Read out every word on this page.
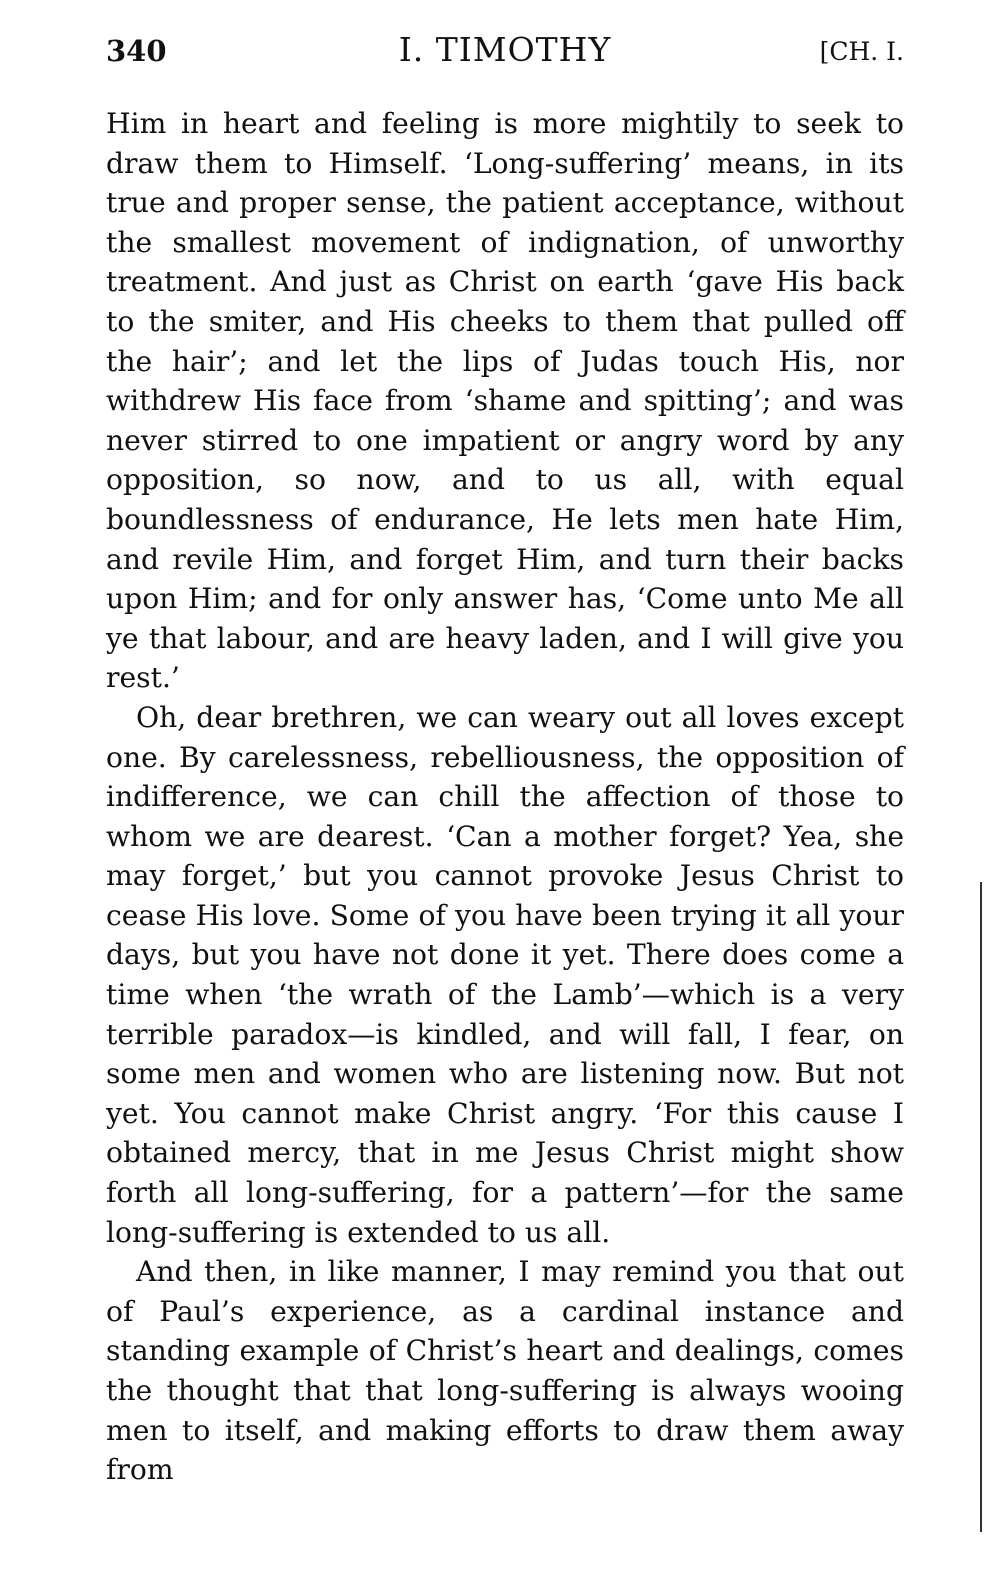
340	I. TIMOTHY	[CH. I.

Him in heart and feeling is more mightily to seek to draw them to Himself. ‘Long-suffering’ means, in its true and proper sense, the patient acceptance, without the smallest movement of indignation, of unworthy treatment. And just as Christ on earth ‘gave His back to the smiter, and His cheeks to them that pulled off the hair’; and let the lips of Judas touch His, nor withdrew His face from ‘shame and spitting’; and was never stirred to one impatient or angry word by any opposition, so now, and to us all, with equal boundlessness of endurance, He lets men hate Him, and revile Him, and forget Him, and turn their backs upon Him; and for only answer has, ‘Come unto Me all ye that labour, and are heavy laden, and I will give you rest.’

Oh, dear brethren, we can weary out all loves except one. By carelessness, rebelliousness, the opposition of indifference, we can chill the affection of those to whom we are dearest. ‘Can a mother forget? Yea, she may forget,’ but you cannot provoke Jesus Christ to cease His love. Some of you have been trying it all your days, but you have not done it yet. There does come a time when ‘the wrath of the Lamb’—which is a very terrible paradox—is kindled, and will fall, I fear, on some men and women who are listening now. But not yet. You cannot make Christ angry. ‘For this cause I obtained mercy, that in me Jesus Christ might show forth all long-suffering, for a pattern’—for the same long-suffering is extended to us all.

And then, in like manner, I may remind you that out of Paul’s experience, as a cardinal instance and standing example of Christ’s heart and dealings, comes the thought that that long-suffering is always wooing men to itself, and making efforts to draw them away from
